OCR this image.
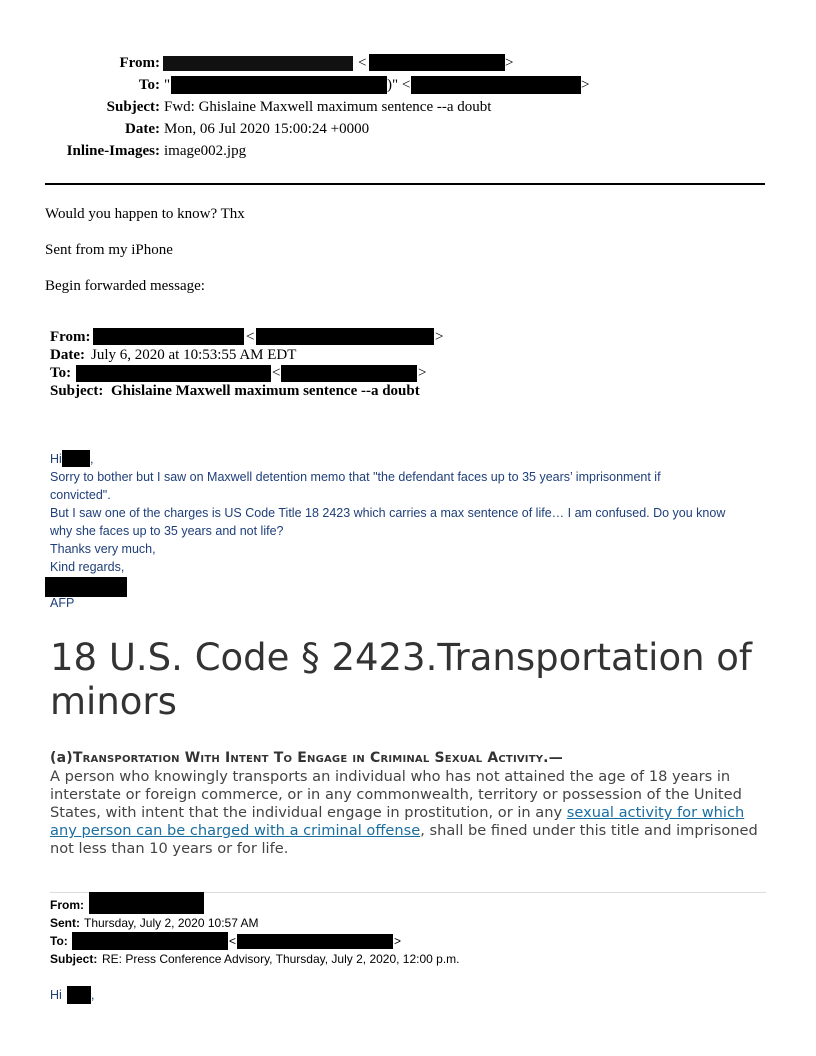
From:	<	>
To: "	)" <	>
Subject: Fwd: Ghislaine Maxwell maximum sentence --a doubt
Date: Mon, 06 Jul 2020 15:00:24 +0000
Inline-Images: image002.jpg
Would you happen to know? Thx
Sent from my iPhone
Begin forwarded message:
From:	<	>
Date: July 6, 2020 at 10:53:55 AM EDT
To:	<	>
Subject: Ghislaine Maxwell maximum sentence --a doubt
Hi ,
Sorry to bother but I saw on Maxwell detention memo that "the defendant faces up to 35 years’ imprisonment if
convicted".
But I saw one of the charges is US Code Title 18 2423 which carries a max sentence of life… I am confused. Do you know
why she faces up to 35 years and not life?
Thanks very much,
Kind regards,
AFP
18 U.S. Code § 2423.Transportation of
minors
(a)Transportation With Intent To Engage in Criminal Sexual Activity.—
A person who knowingly transports an individual who has not attained the age of 18 years in
interstate or foreign commerce, or in any commonwealth, territory or possession of the United
States, with intent that the individual engage in prostitution, or in any sexual activity for which
any person can be charged with a criminal offense, shall be fined under this title and imprisoned
not less than 10 years or for life.
From:
Sent: Thursday, July 2, 2020 10:57 AM
To:	<	>
Subject: RE: Press Conference Advisory, Thursday, July 2, 2020, 12:00 p.m.
Hi ,
